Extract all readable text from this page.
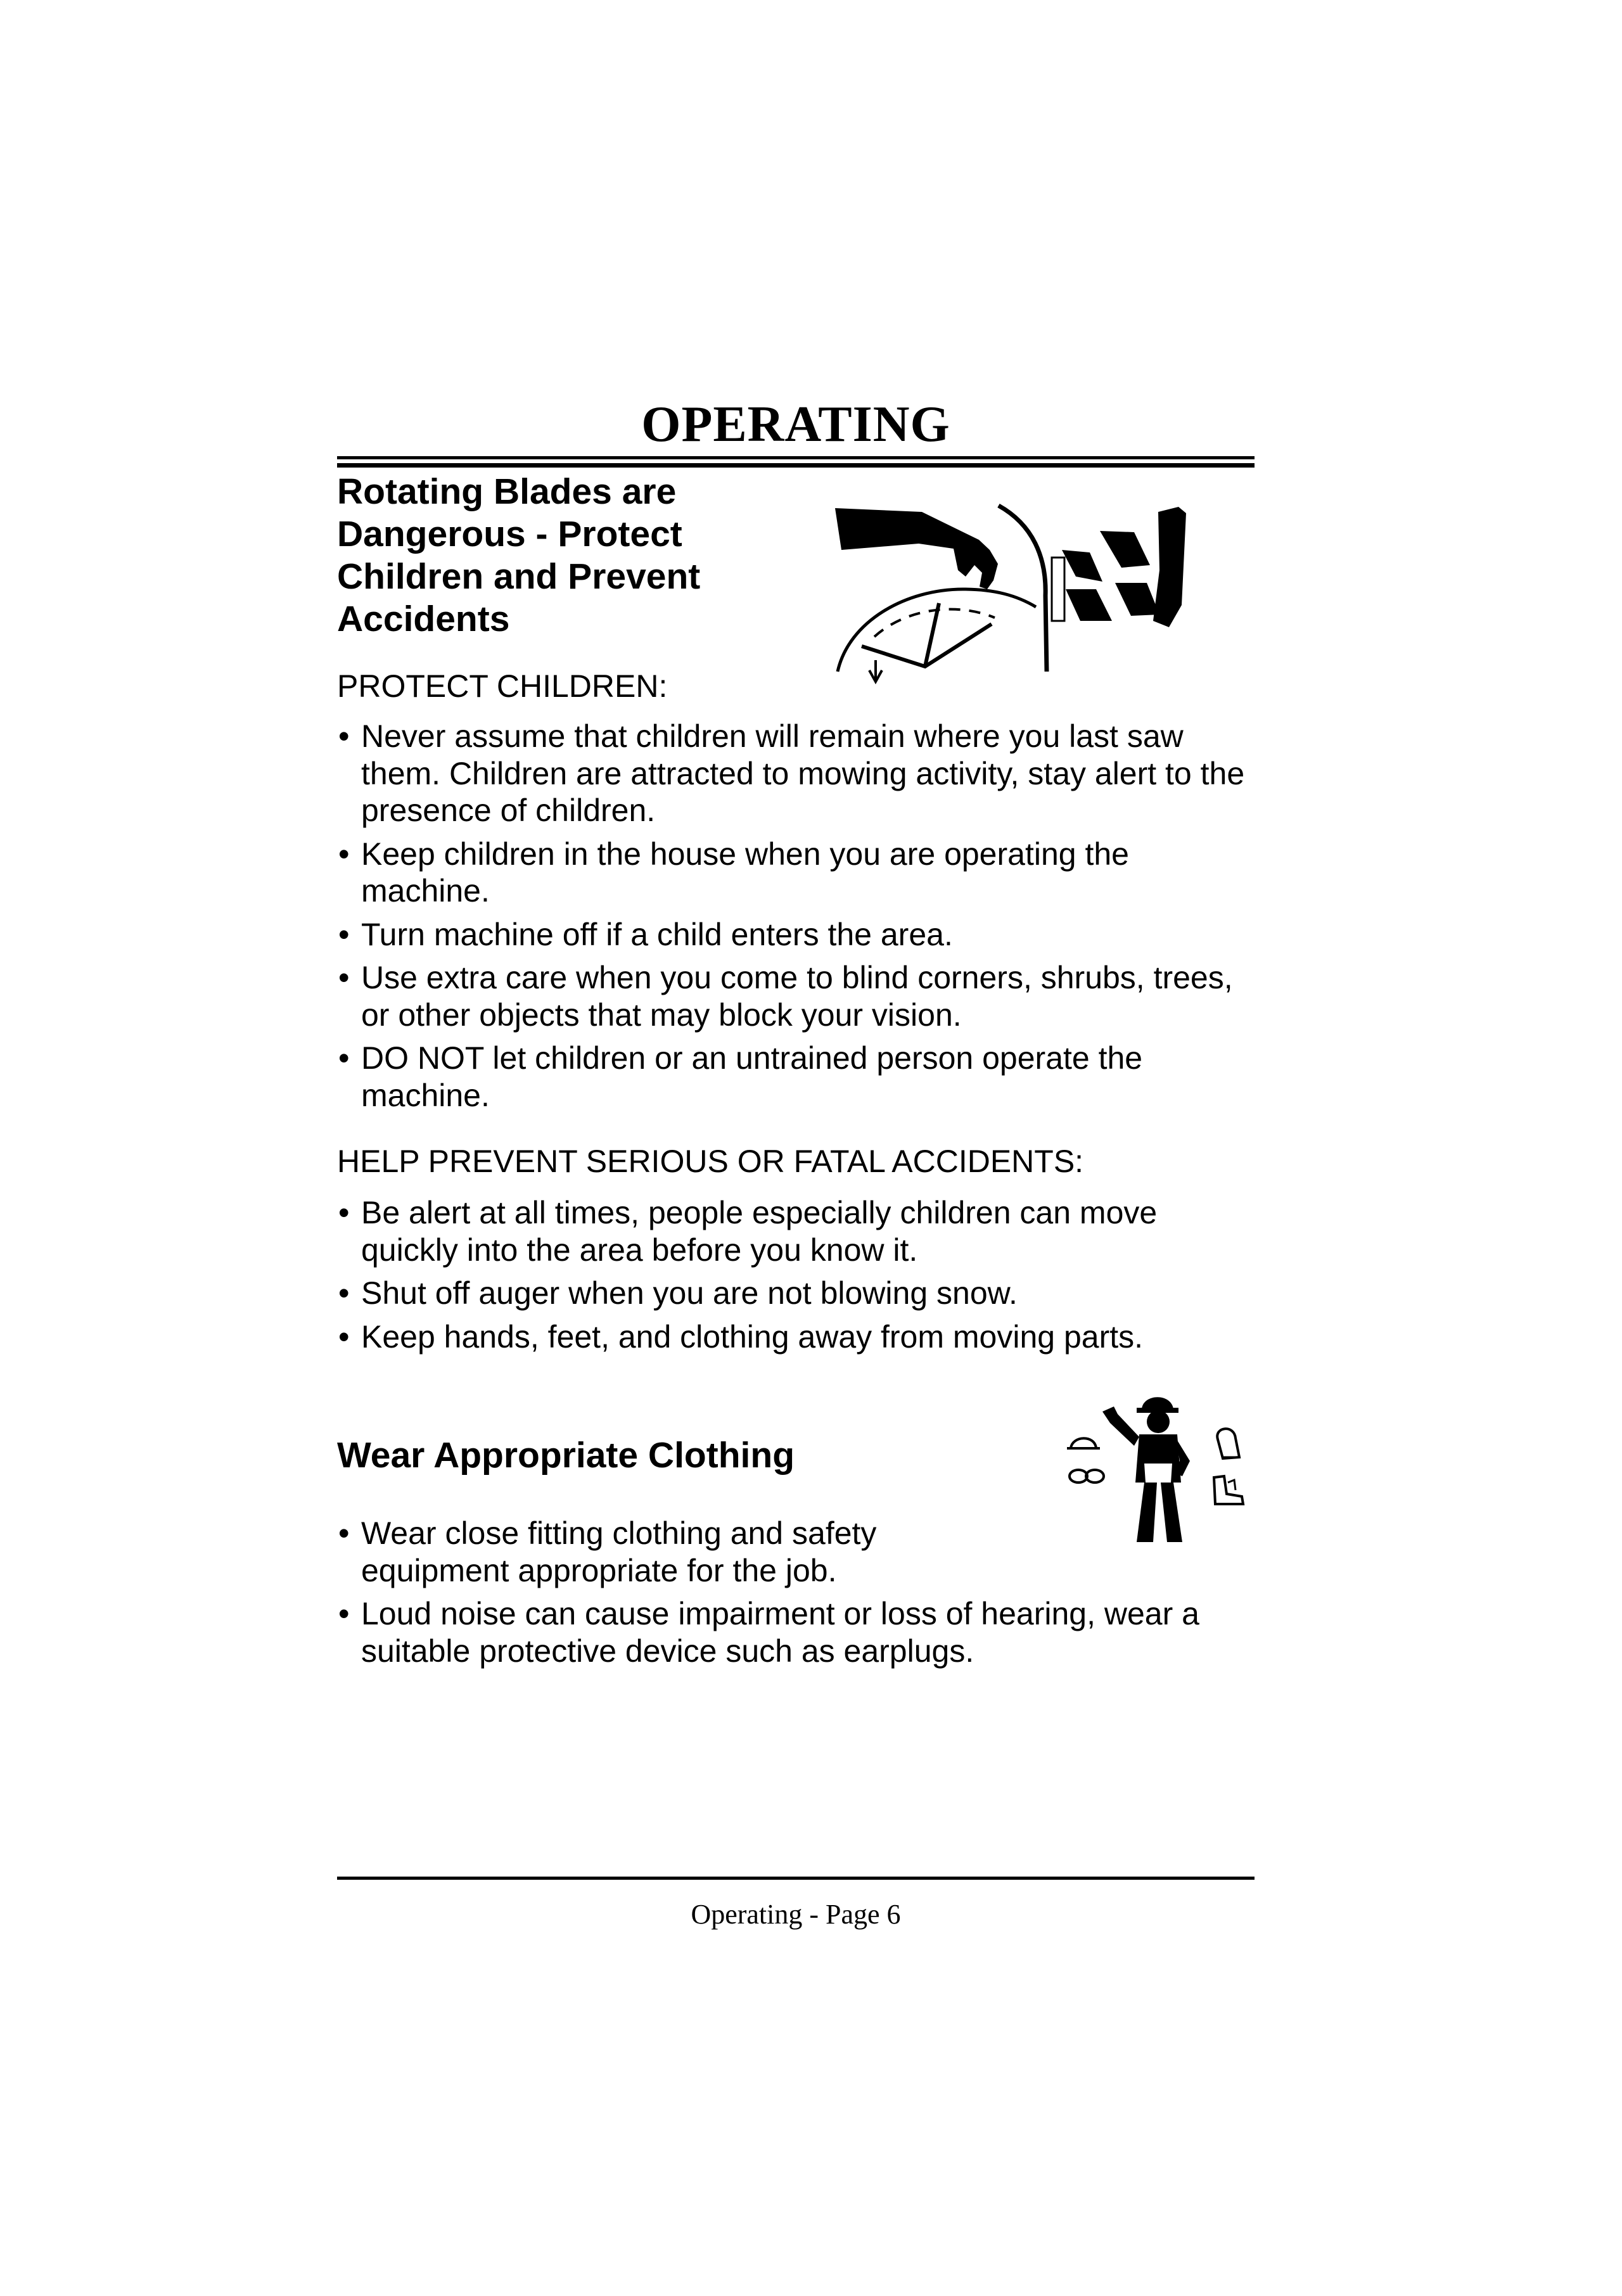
OPERATING
Rotating Blades are Dangerous - Protect Children and Prevent Accidents

PROTECT CHILDREN:

• Never assume that children will remain where you last saw them. Children are attracted to mowing activity, stay alert to the presence of children.
• Keep children in the house when you are operating the machine.
• Turn machine off if a child enters the area.
• Use extra care when you come to blind corners, shrubs, trees, or other objects that may block your vision.
• DO NOT let children or an untrained person operate the machine.

HELP PREVENT SERIOUS OR FATAL ACCIDENTS:

• Be alert at all times, people especially children can move quickly into the area before you know it.
• Shut off auger when you are not blowing snow.
• Keep hands, feet, and clothing away from moving parts.
Wear Appropriate Clothing
• Wear close fitting clothing and safety equipment appropriate for the job.
• Loud noise can cause impairment or loss of hearing, wear a suitable protective device such as earplugs.

Operating - Page 6
